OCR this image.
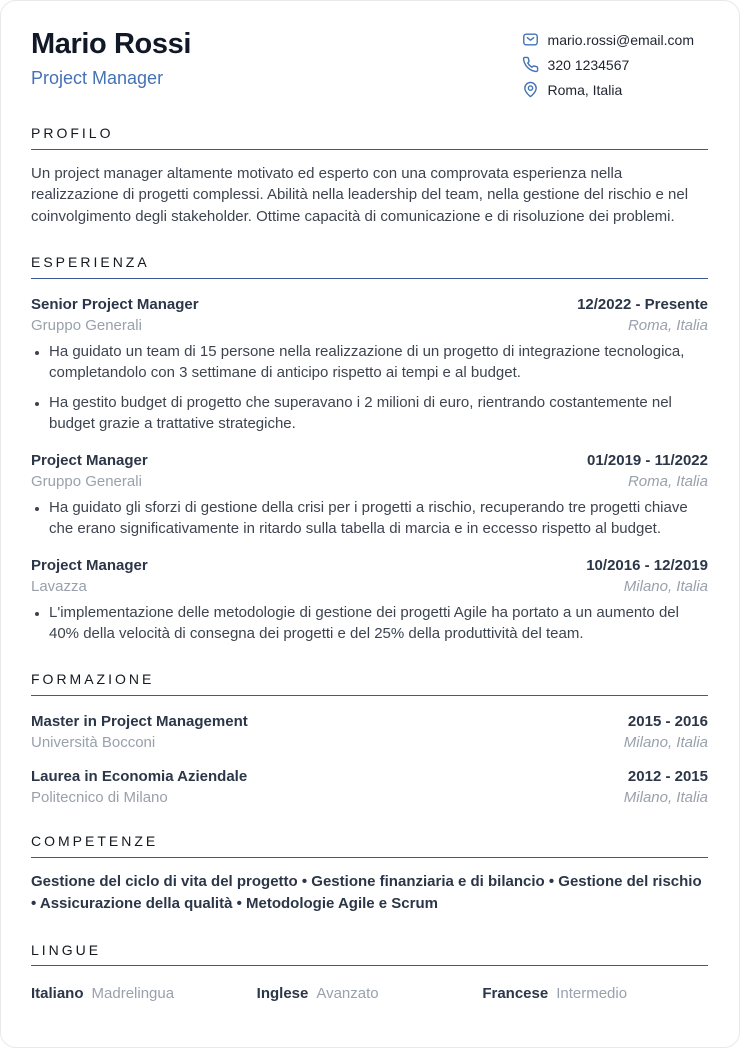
Mario Rossi
Project Manager
mario.rossi@email.com
320 1234567
Roma, Italia
PROFILO

Un project manager altamente motivato ed esperto con una comprovata esperienza nella realizzazione di progetti complessi. Abilità nella leadership del team, nella gestione del rischio e nel coinvolgimento degli stakeholder. Ottime capacità di comunicazione e di risoluzione dei problemi.

ESPERIENZA
Senior Project Manager	12/2022 - Presente
Gruppo Generali	Roma, Italia
• Ha guidato un team di 15 persone nella realizzazione di un progetto di integrazione tecnologica, completandolo con 3 settimane di anticipo rispetto ai tempi e al budget.
• Ha gestito budget di progetto che superavano i 2 milioni di euro, rientrando costantemente nel budget grazie a trattative strategiche.
Project Manager	01/2019 - 11/2022
Gruppo Generali	Roma, Italia
• Ha guidato gli sforzi di gestione della crisi per i progetti a rischio, recuperando tre progetti chiave che erano significativamente in ritardo sulla tabella di marcia e in eccesso rispetto al budget.
Project Manager	10/2016 - 12/2019
Lavazza	Milano, Italia
• L'implementazione delle metodologie di gestione dei progetti Agile ha portato a un aumento del 40% della velocità di consegna dei progetti e del 25% della produttività del team.
FORMAZIONE
Master in Project Management	2015 - 2016
Università Bocconi	Milano, Italia
Laurea in Economia Aziendale	2012 - 2015
Politecnico di Milano	Milano, Italia
COMPETENZE

Gestione del ciclo di vita del progetto • Gestione finanziaria e di bilancio • Gestione del rischio • Assicurazione della qualità • Metodologie Agile e Scrum

LINGUE
Italiano Madrelingua	Inglese Avanzato	Francese Intermedio
